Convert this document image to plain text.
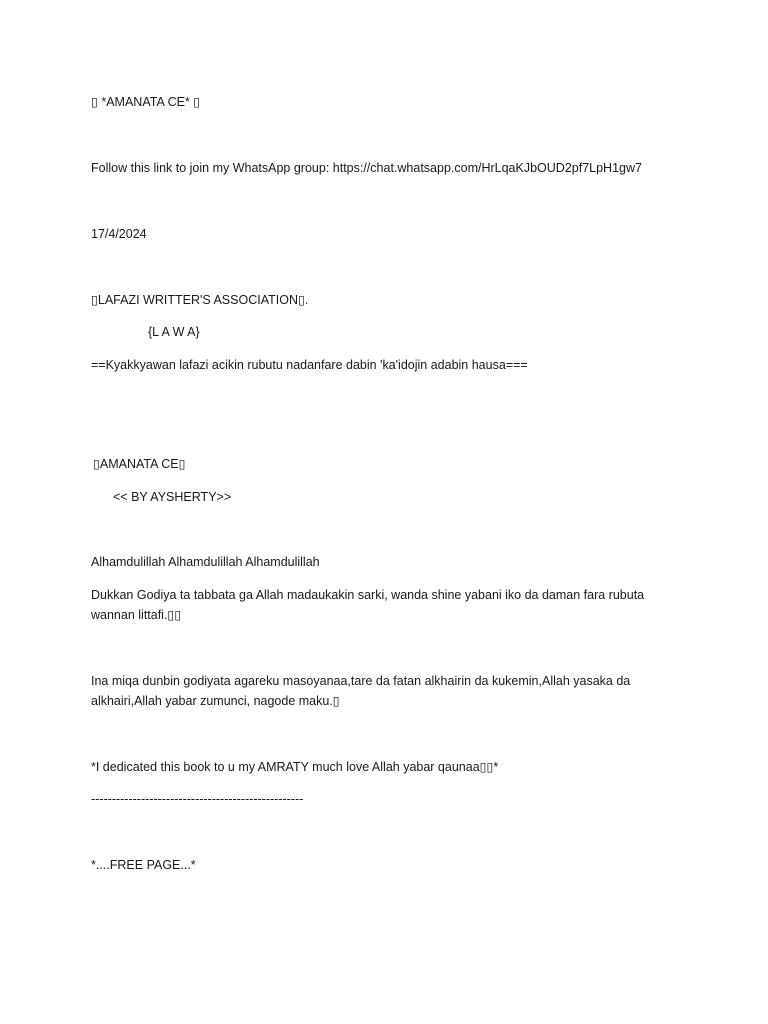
▯ *AMANATA CE* ▯

Follow this link to join my WhatsApp group: https://chat.whatsapp.com/HrLqaKJbOUD2pf7LpH1gw7

17/4/2024

▯LAFAZI WRITTER'S ASSOCIATION▯.

{L A W A}

==Kyakkyawan lafazi acikin rubutu nadanfare dabin 'ka'idojin adabin hausa===

▯AMANATA CE▯

<< BY AYSHERTY>>

Alhamdulillah Alhamdulillah Alhamdulillah

Dukkan Godiya ta tabbata ga Allah madaukakin sarki, wanda shine yabani iko da daman fara rubuta wannan littafi.▯▯

Ina miqa dunbin godiyata agareku masoyanaa,tare da fatan alkhairin da kukemin,Allah yasaka da alkhairi,Allah yabar zumunci, nagode maku.▯

*I dedicated this book to u my AMRATY much love Allah yabar qaunaa▯▯*

---------------------------------------------------

*....FREE PAGE...*
